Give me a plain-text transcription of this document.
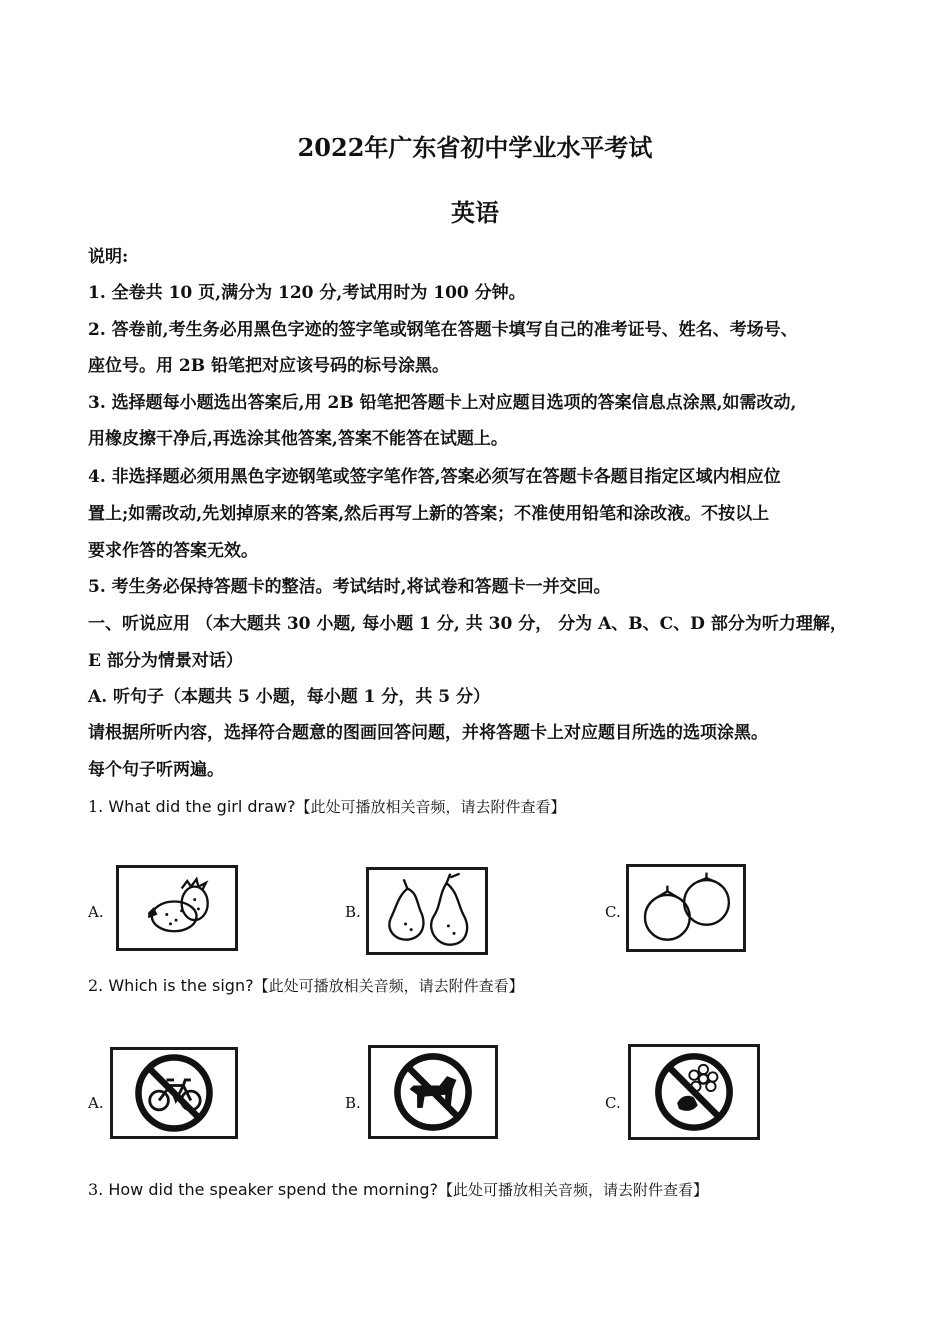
2022年广东省初中学业水平考试
英语
说明:
1. 全卷共 10 页,满分为 120 分,考试用时为 100 分钟。
2. 答卷前,考生务必用黑色字迹的签字笔或钢笔在答题卡填写自己的准考证号、姓名、考场号、
座位号。用 2B 铅笔把对应该号码的标号涂黑。
3. 选择题每小题选出答案后,用 2B 铅笔把答题卡上对应题目选项的答案信息点涂黑,如需改动,
用橡皮擦干净后,再选涂其他答案,答案不能答在试题上。
4. 非选择题必须用黑色字迹钢笔或签字笔作答,答案必须写在答题卡各题目指定区域内相应位
置上;如需改动,先划掉原来的答案,然后再写上新的答案；不准使用铅笔和涂改液。不按以上
要求作答的答案无效。
5. 考生务必保持答题卡的整洁。考试结时,将试卷和答题卡一并交回。
一、听说应用 （本大题共 30 小题, 每小题 1 分, 共 30 分， 分为 A、B、C、D 部分为听力理解，
E 部分为情景对话）
A. 听句子（本题共 5 小题，每小题 1 分，共 5 分）
请根据所听内容，选择符合题意的图画回答问题，并将答题卡上对应题目所选的选项涂黑。
每个句子听两遍。
1. What did the girl draw?【此处可播放相关音频，请去附件查看】
A.	B.	C.
2. Which is the sign?【此处可播放相关音频，请去附件查看】
A.	B.	C.
3. How did the speaker spend the morning?【此处可播放相关音频，请去附件查看】
